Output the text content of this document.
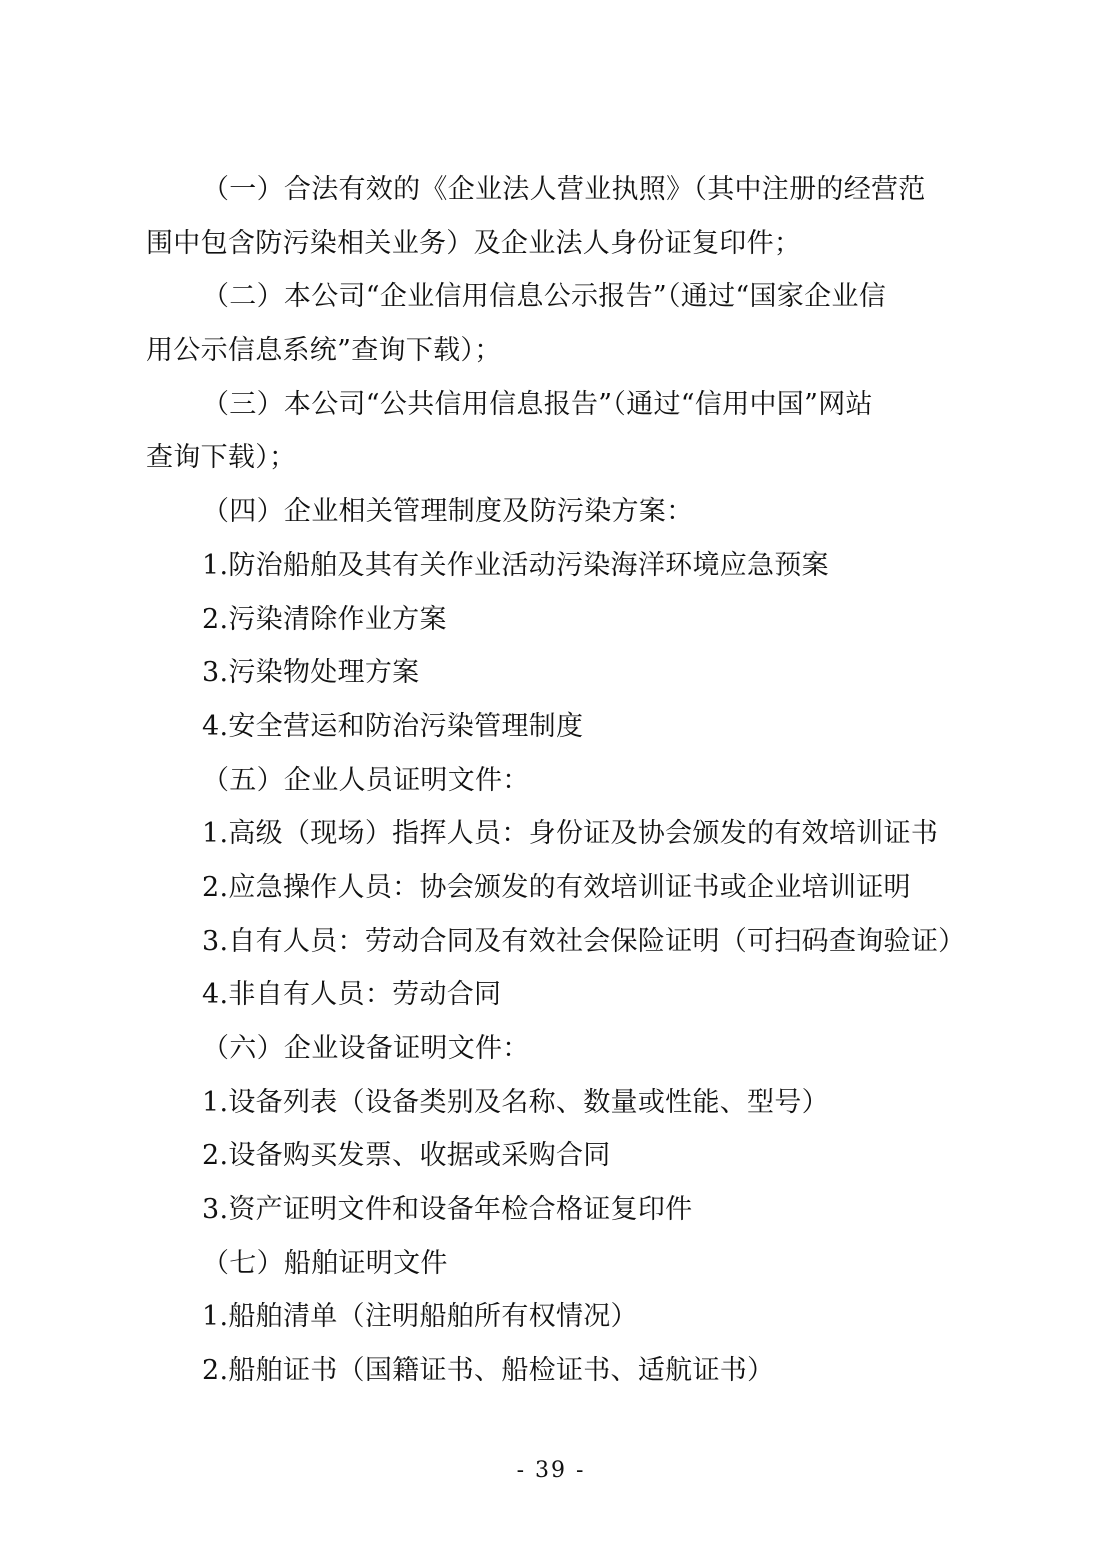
（一）合法有效的《企业法人营业执照》（其中注册的经营范
围中包含防污染相关业务）及企业法人身份证复印件；
（二）本公司“企业信用信息公示报告”（通过“国家企业信
用公示信息系统”查询下载）；
（三）本公司“公共信用信息报告”（通过“信用中国”网站
查询下载）；
（四）企业相关管理制度及防污染方案：
1.防治船舶及其有关作业活动污染海洋环境应急预案
2.污染清除作业方案
3.污染物处理方案
4.安全营运和防治污染管理制度
（五）企业人员证明文件：
1.高级（现场）指挥人员：身份证及协会颁发的有效培训证书
2.应急操作人员：协会颁发的有效培训证书或企业培训证明
3.自有人员：劳动合同及有效社会保险证明（可扫码查询验证）
4.非自有人员：劳动合同
（六）企业设备证明文件：
1.设备列表（设备类别及名称、数量或性能、型号）
2.设备购买发票、收据或采购合同
3.资产证明文件和设备年检合格证复印件
（七）船舶证明文件
1.船舶清单（注明船舶所有权情况）
2.船舶证书（国籍证书、船检证书、适航证书）
- 39 -
